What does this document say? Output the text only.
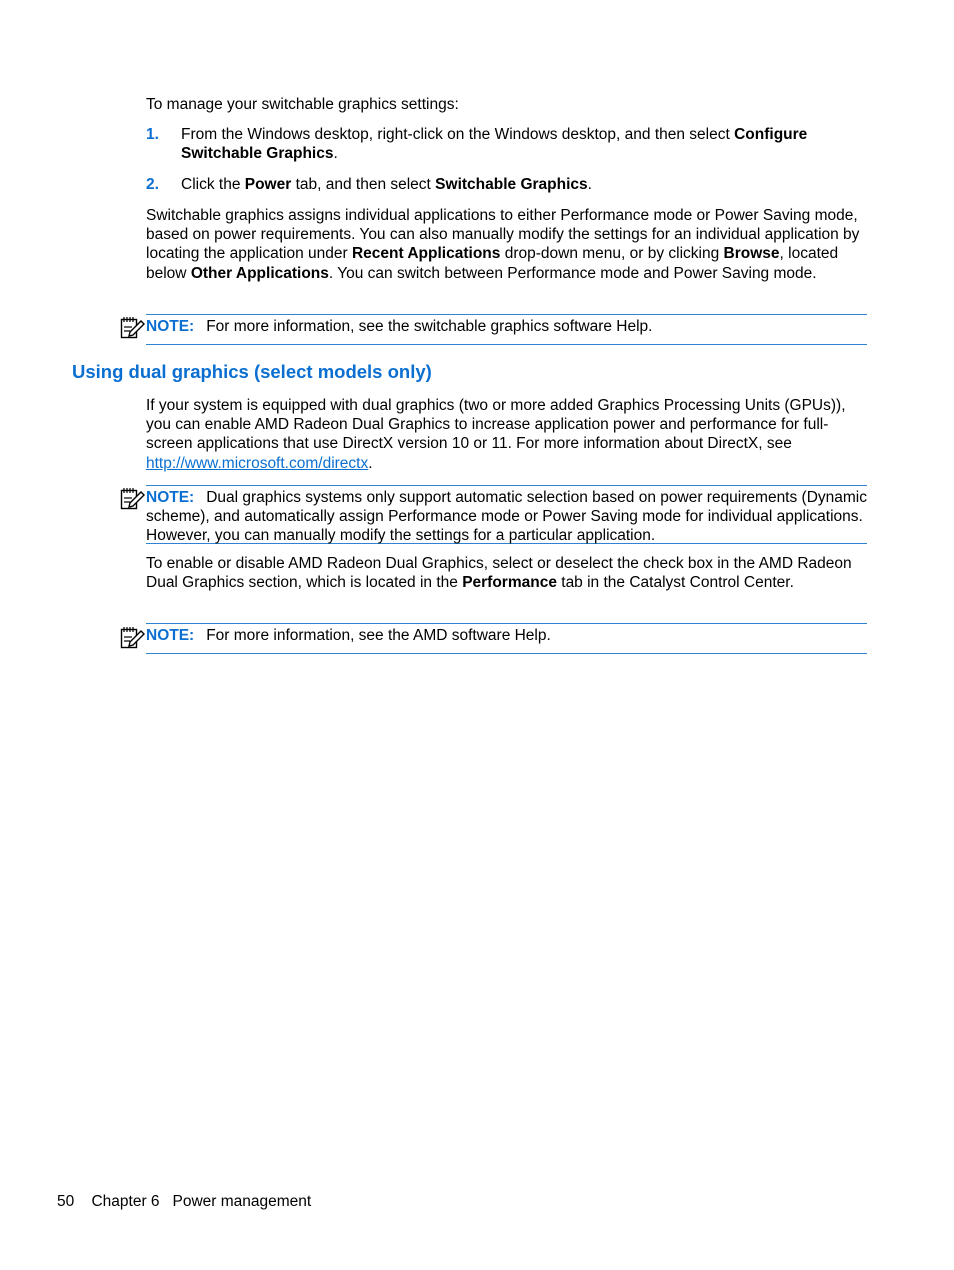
To manage your switchable graphics settings:
1. From the Windows desktop, right-click on the Windows desktop, and then select Configure Switchable Graphics.
2. Click the Power tab, and then select Switchable Graphics.
Switchable graphics assigns individual applications to either Performance mode or Power Saving mode, based on power requirements. You can also manually modify the settings for an individual application by locating the application under Recent Applications drop-down menu, or by clicking Browse, located below Other Applications. You can switch between Performance mode and Power Saving mode.
NOTE: For more information, see the switchable graphics software Help.
Using dual graphics (select models only)
If your system is equipped with dual graphics (two or more added Graphics Processing Units (GPUs)), you can enable AMD Radeon Dual Graphics to increase application power and performance for full-screen applications that use DirectX version 10 or 11. For more information about DirectX, see http://www.microsoft.com/directx.
NOTE: Dual graphics systems only support automatic selection based on power requirements (Dynamic scheme), and automatically assign Performance mode or Power Saving mode for individual applications. However, you can manually modify the settings for a particular application.
To enable or disable AMD Radeon Dual Graphics, select or deselect the check box in the AMD Radeon Dual Graphics section, which is located in the Performance tab in the Catalyst Control Center.
NOTE: For more information, see the AMD software Help.
50 Chapter 6 Power management
